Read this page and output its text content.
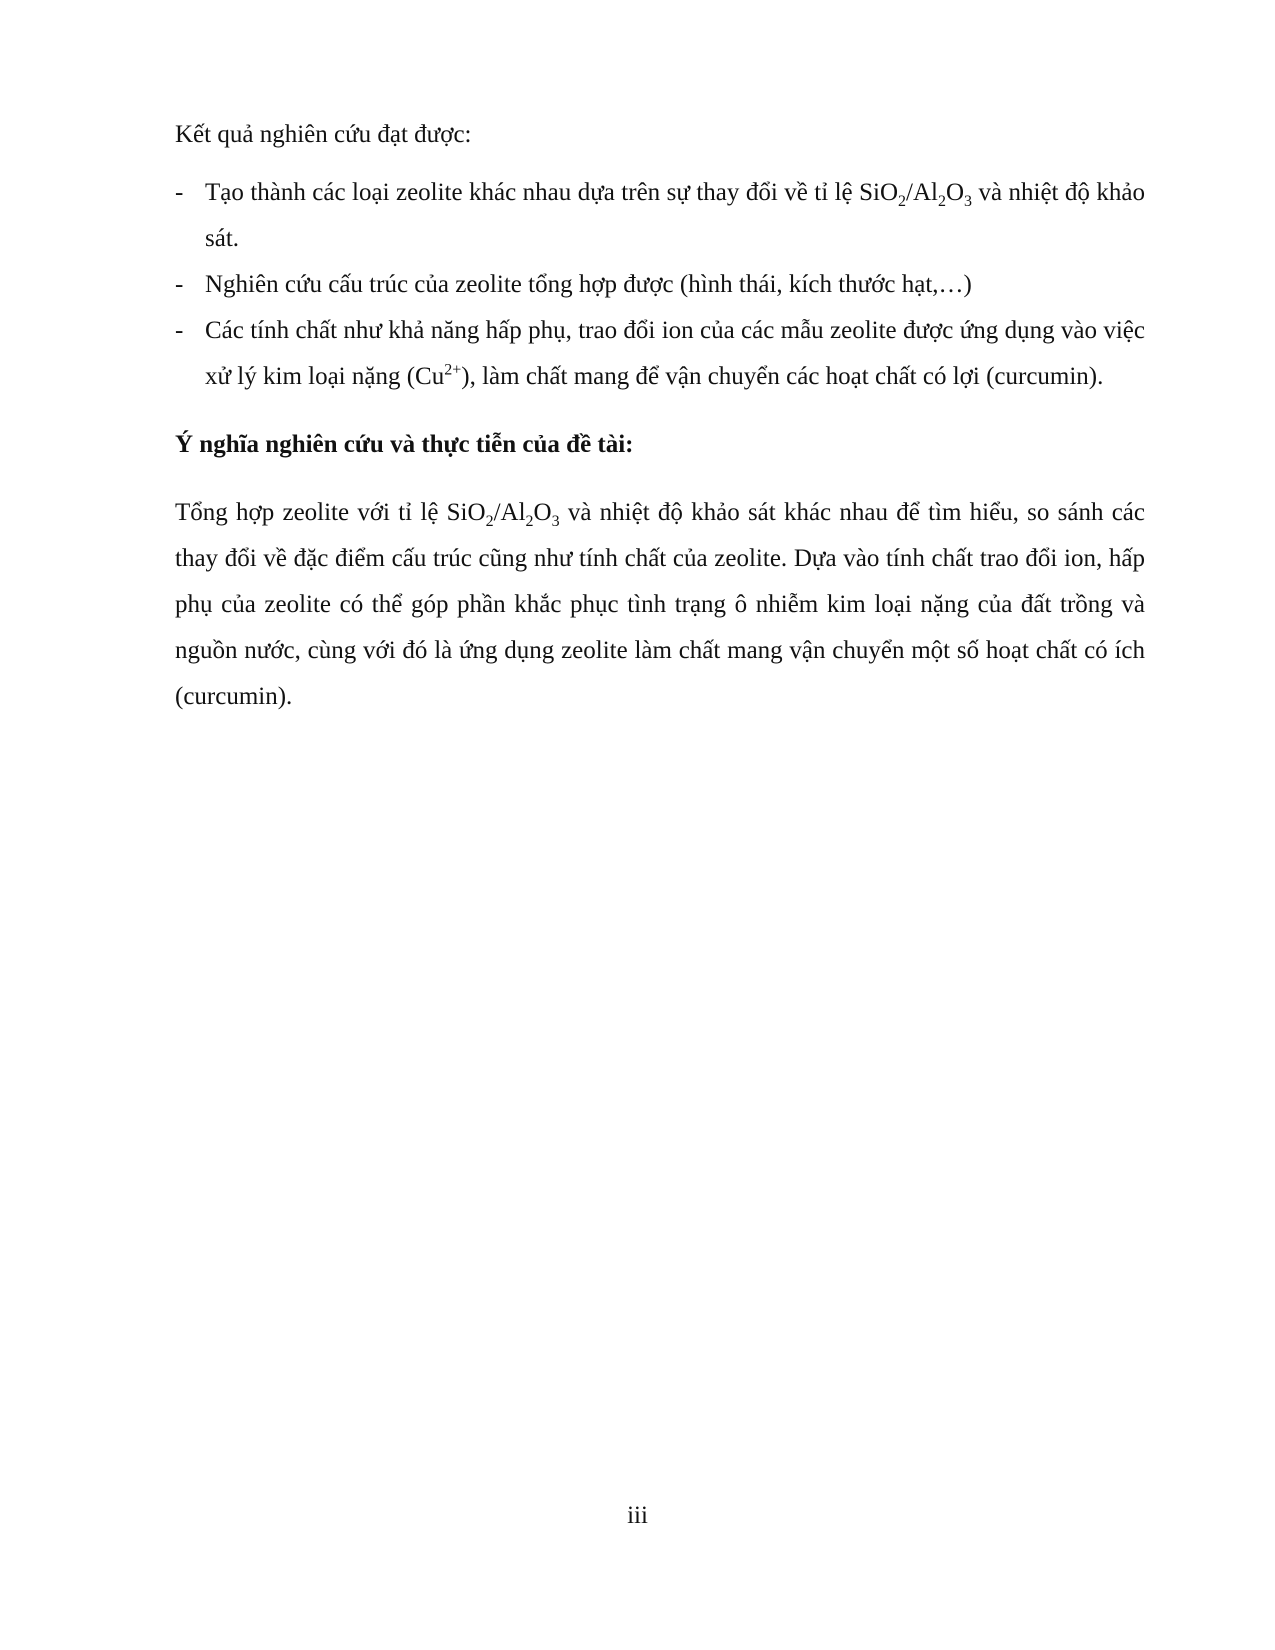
Kết quả nghiên cứu đạt được:

- Tạo thành các loại zeolite khác nhau dựa trên sự thay đổi về tỉ lệ $SiO_2/Al_2O_3$ và nhiệt độ khảo sát.
- Nghiên cứu cấu trúc của zeolite tổng hợp được (hình thái, kích thước hạt,…)
- Các tính chất như khả năng hấp phụ, trao đổi ion của các mẫu zeolite được ứng dụng vào việc xử lý kim loại nặng $(Cu^{2+})$, làm chất mang để vận chuyển các hoạt chất có lợi (curcumin).

Ý nghĩa nghiên cứu và thực tiễn của đề tài:

Tổng hợp zeolite với tỉ lệ $SiO_2/Al_2O_3$ và nhiệt độ khảo sát khác nhau để tìm hiểu, so sánh các thay đổi về đặc điểm cấu trúc cũng như tính chất của zeolite. Dựa vào tính chất trao đổi ion, hấp phụ của zeolite có thể góp phần khắc phục tình trạng ô nhiễm kim loại nặng của đất trồng và nguồn nước, cùng với đó là ứng dụng zeolite làm chất mang vận chuyển một số hoạt chất có ích (curcumin).

iii
